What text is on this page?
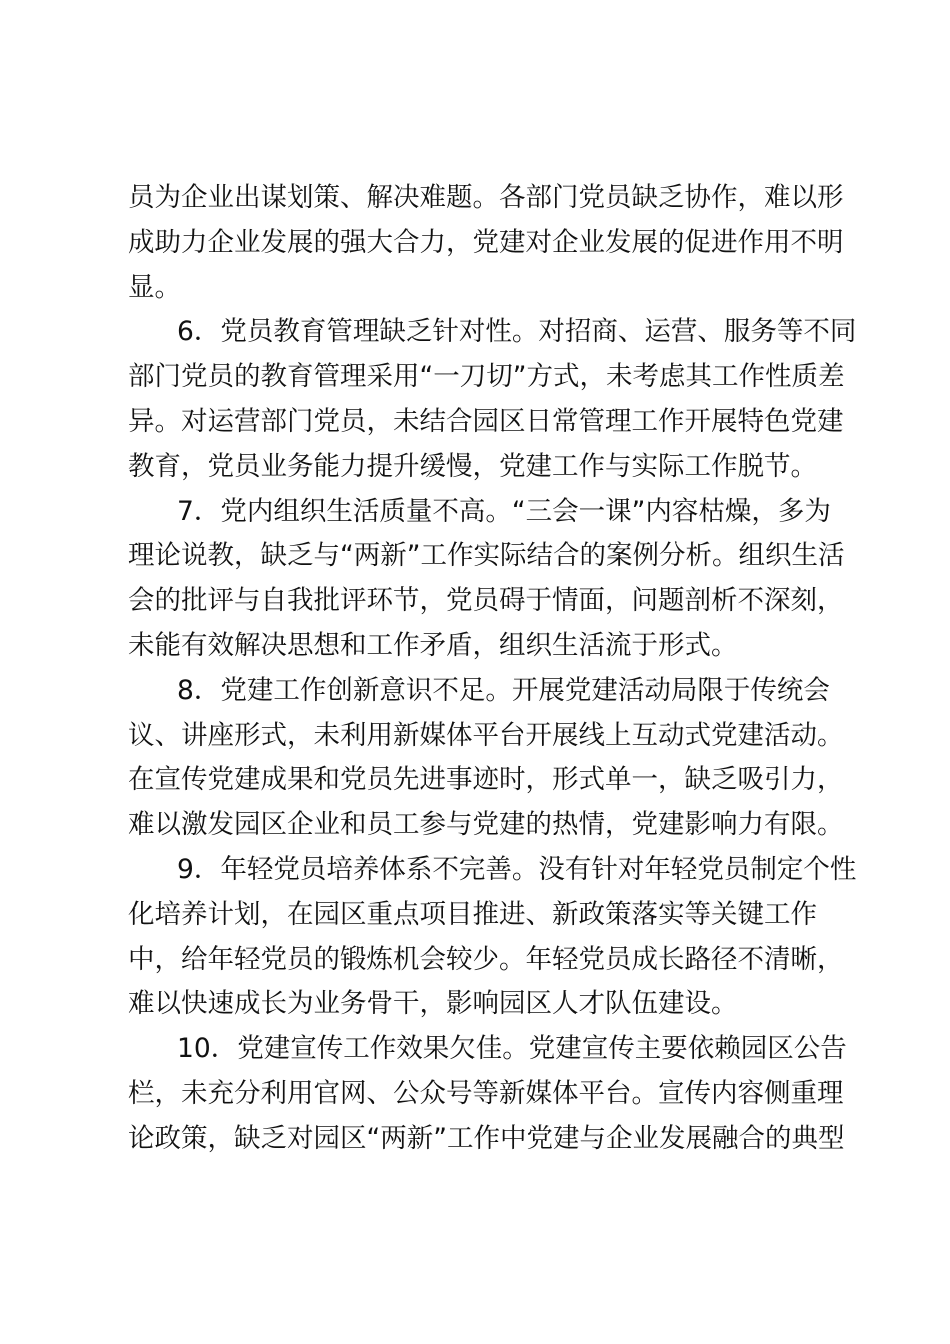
员为企业出谋划策、解决难题。各部门党员缺乏协作，难以形
成助力企业发展的强大合力，党建对企业发展的促进作用不明
显。
6．党员教育管理缺乏针对性。对招商、运营、服务等不同
部门党员的教育管理采用“一刀切”方式，未考虑其工作性质差
异。对运营部门党员，未结合园区日常管理工作开展特色党建
教育，党员业务能力提升缓慢，党建工作与实际工作脱节。
7．党内组织生活质量不高。“三会一课”内容枯燥，多为
理论说教，缺乏与“两新”工作实际结合的案例分析。组织生活
会的批评与自我批评环节，党员碍于情面，问题剖析不深刻，
未能有效解决思想和工作矛盾，组织生活流于形式。
8．党建工作创新意识不足。开展党建活动局限于传统会
议、讲座形式，未利用新媒体平台开展线上互动式党建活动。
在宣传党建成果和党员先进事迹时，形式单一，缺乏吸引力，
难以激发园区企业和员工参与党建的热情，党建影响力有限。
9．年轻党员培养体系不完善。没有针对年轻党员制定个性
化培养计划，在园区重点项目推进、新政策落实等关键工作
中，给年轻党员的锻炼机会较少。年轻党员成长路径不清晰，
难以快速成长为业务骨干，影响园区人才队伍建设。
10．党建宣传工作效果欠佳。党建宣传主要依赖园区公告
栏，未充分利用官网、公众号等新媒体平台。宣传内容侧重理
论政策，缺乏对园区“两新”工作中党建与企业发展融合的典型
